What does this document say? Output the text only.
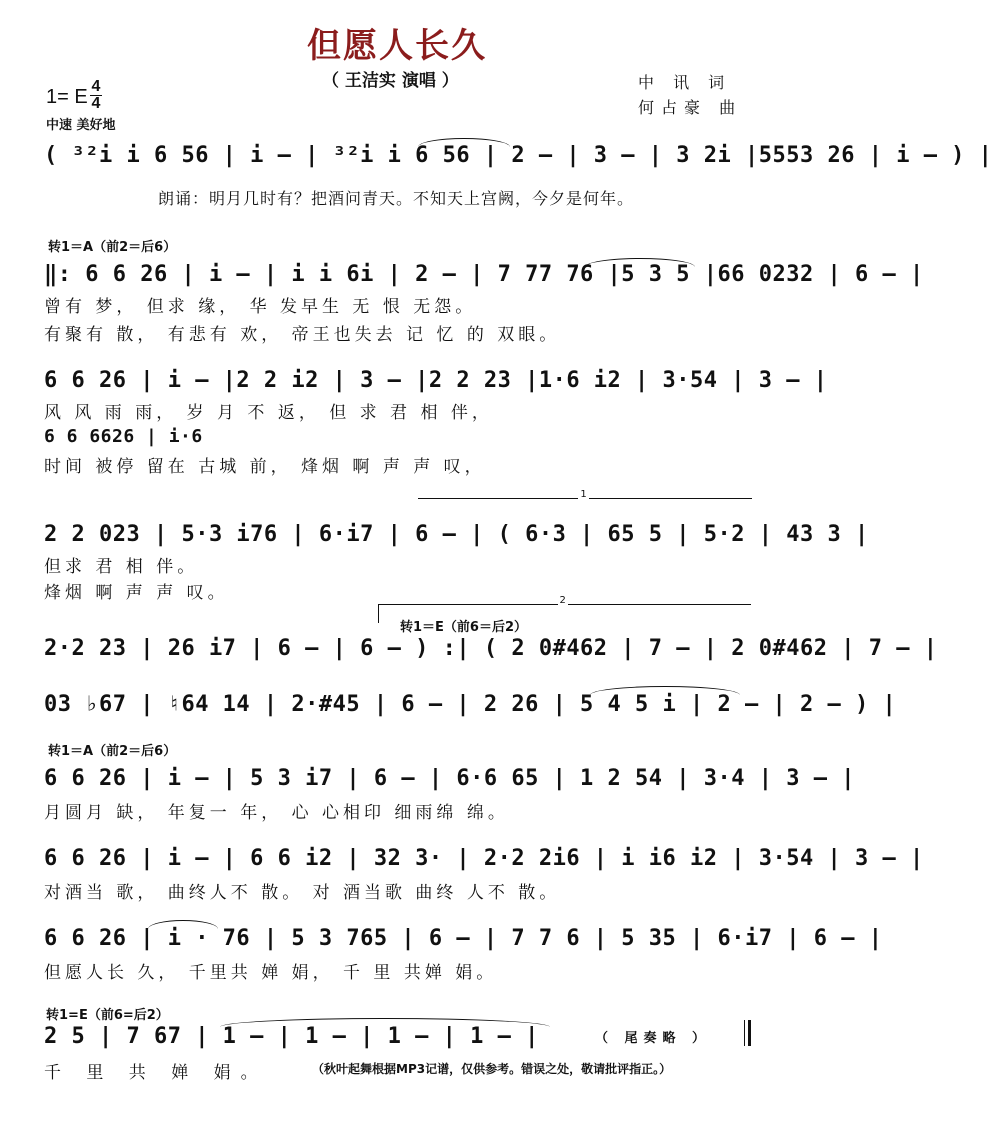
但愿人长久
（ 王洁实 演唱 ）	中 讯 词
何占豪 曲
1= E 4
4
中速 美好地
( ³²i i 6 56 | i – | ³²i i 6 56 | 2 – | 3 – | 3 2i |5553 26 | i – ) |
朗诵：明月几时有？把酒问青天。不知天上宫阙，今夕是何年。
转1＝A（前2＝后6）
‖: 6 6 26 | i – | i i 6i | 2 – | 7 77 76 |5 3 5 |66 0232 | 6 – |
曾有 梦， 但求 缘， 华 发早生 无 恨 无怨。
有聚有 散， 有悲有 欢， 帝王也失去 记 忆 的 双眼。
6 6 26 | i – |2 2 i2 | 3 – |2 2 23 |1·6 i2 | 3·54 | 3 – |
风 风 雨 雨， 岁 月 不 返， 但 求 君 相 伴，
6 6 6626 | i·6
时间 被停 留在 古城 前， 烽烟 啊 声 声 叹，
1
2 2 023 | 5·3 i76 | 6·i7 | 6 – | ( 6·3 | 65 5 | 5·2 | 43 3 |
但求 君 相 伴。
烽烟 啊 声 声 叹。	2
转1＝E（前6＝后2）
2·2 23 | 26 i7 | 6 – | 6 – ) :| ( 2 0#462 | 7 – | 2 0#462 | 7 – |
03 ♭67 | ♮64 14 | 2·#45 | 6 – | 2 26 | 5 4 5 i | 2 – | 2 – ) |
转1＝A（前2＝后6）
6 6 26 | i – | 5 3 i7 | 6 – | 6·6 65 | 1 2 54 | 3·4 | 3 – |
月圆月 缺， 年复一 年， 心 心相印 细雨绵 绵。
6 6 26 | i – | 6 6 i2 | 32 3· | 2·2 2i6 | i i6 i2 | 3·54 | 3 – |
对酒当 歌， 曲终人不 散。 对 酒当歌 曲终 人不 散。
6 6 26 | i · 76 | 5 3 765 | 6 – | 7 7 6 | 5 35 | 6·i7 | 6 – |
但愿人长 久， 千里共 婵 娟， 千 里 共婵 娟。
转1=E（前6=后2）
2 5 | 7 67 | 1 – | 1 – | 1 – | 1 – |	（ 尾奏略 ）
千 里 共 婵 娟。	（秋叶起舞根据MP3记谱，仅供参考。错误之处，敬请批评指正。）
